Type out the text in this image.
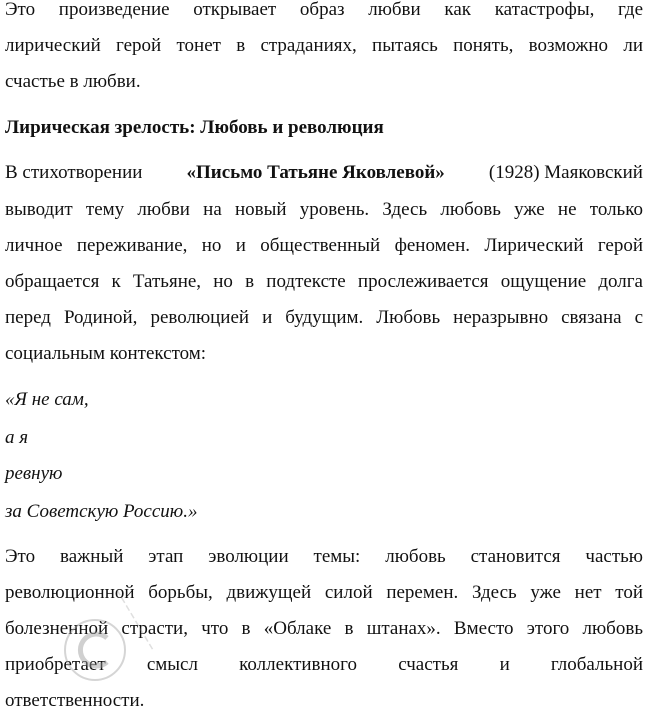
Это произведение открывает образ любви как катастрофы, где
лирический герой тонет в страданиях, пытаясь понять, возможно ли
счастье в любви.
Лирическая зрелость: Любовь и революция
В стихотворении «Письмо Татьяне Яковлевой» (1928) Маяковский
выводит тему любви на новый уровень. Здесь любовь уже не только
личное переживание, но и общественный феномен. Лирический герой
обращается к Татьяне, но в подтексте прослеживается ощущение долга
перед Родиной, революцией и будущим. Любовь неразрывно связана с
социальным контекстом:
«Я не сам,
а я
ревную
за Советскую Россию.»
Это важный этап эволюции темы: любовь становится частью
революционной борьбы, движущей силой перемен. Здесь уже нет той
болезненной страсти, что в «Облаке в штанах». Вместо этого любовь
приобретает смысл коллективного счастья и глобальной
ответственности.
